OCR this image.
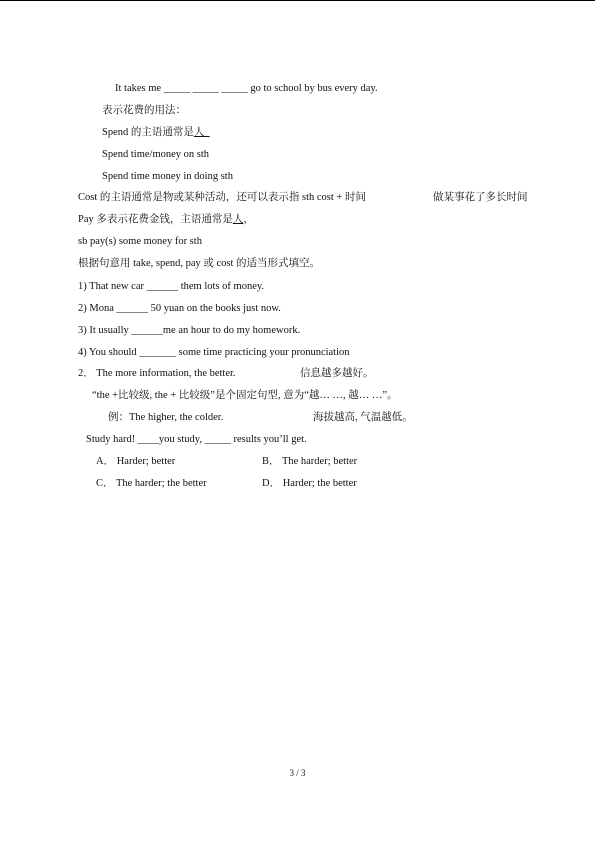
It takes me _____ _____ _____ go to school by bus every day.
表示花费的用法：
Spend 的主语通常是人
Spend time/money on sth
Spend time money in doing sth
Cost 的主语通常是物或某种活动，还可以表示指 sth cost + 时间	做某事花了多长时间
Pay 多表示花费金钱，主语通常是人，
sb pay(s) some money for sth
根据句意用 take, spend, pay 或 cost 的适当形式填空。
1) That new car ______ them lots of money.
2) Mona ______ 50 yuan on the books just now.
3) It usually ______me an hour to do my homework.
4) You should _______ some time practicing your pronunciation
2． The more information, the better.	信息越多越好。
“the +比较级, the + 比较级”是个固定句型, 意为“越… …, 越… …”。
例：The higher, the colder.	海拔越高, 气温越低。
Study hard! ____you study, _____ results you’ll get.
A． Harder; better	B． The harder; better
C． The harder; the better	D． Harder; the better
3 / 3
